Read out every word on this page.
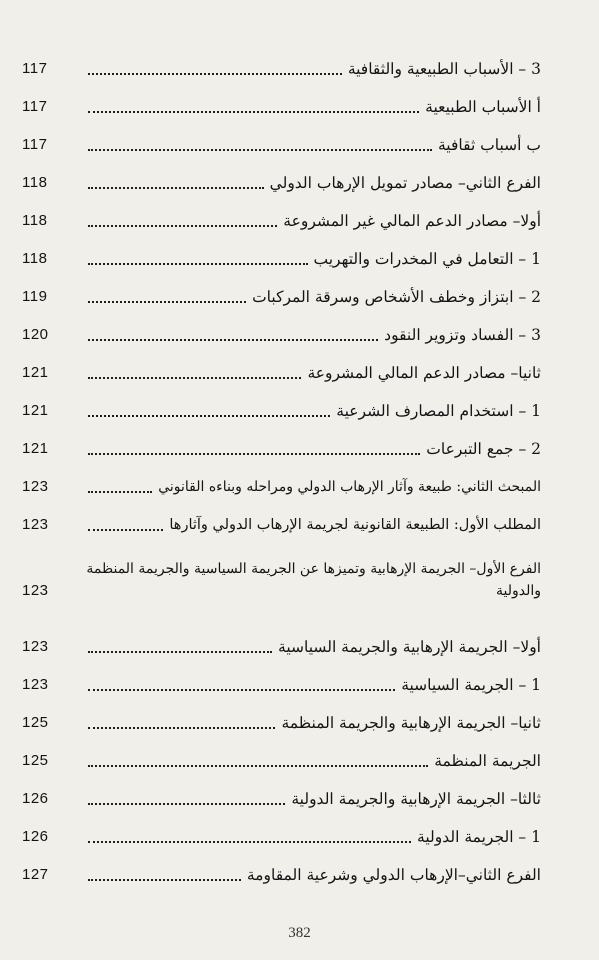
3 – الأسباب الطبيعية والثقافية
117
أ الأسباب الطبيعية
117
ب أسباب ثقافية
117
الفرع الثاني– مصادر تمويل الإرهاب الدولي
118
أولا– مصادر الدعم المالي غير المشروعة
118
1 – التعامل في المخدرات والتهريب
118
2 – ابتزاز وخطف الأشخاص وسرقة المركبات
119
3 – الفساد وتزوير النقود
120
ثانيا– مصادر الدعم المالي المشروعة
121
1 – استخدام المصارف الشرعية
121
2 – جمع التبرعات
121
المبحث الثاني: طبيعة وآثار الإرهاب الدولي ومراحله وبناءه القانوني
123
المطلب الأول: الطبيعة القانونية لجريمة الإرهاب الدولي وآثارها
123
الفرع الأول– الجريمة الإرهابية وتميزها عن الجريمة السياسية والجريمة المنظمة
والدولية
123
أولا– الجريمة الإرهابية والجريمة السياسية
123
1 – الجريمة السياسية
123
ثانيا– الجريمة الإرهابية والجريمة المنظمة
125
الجريمة المنظمة
125
ثالثا– الجريمة الإرهابية والجريمة الدولية
126
1 – الجريمة الدولية
126
الفرع الثاني–الإرهاب الدولي وشرعية المقاومة
127
382
